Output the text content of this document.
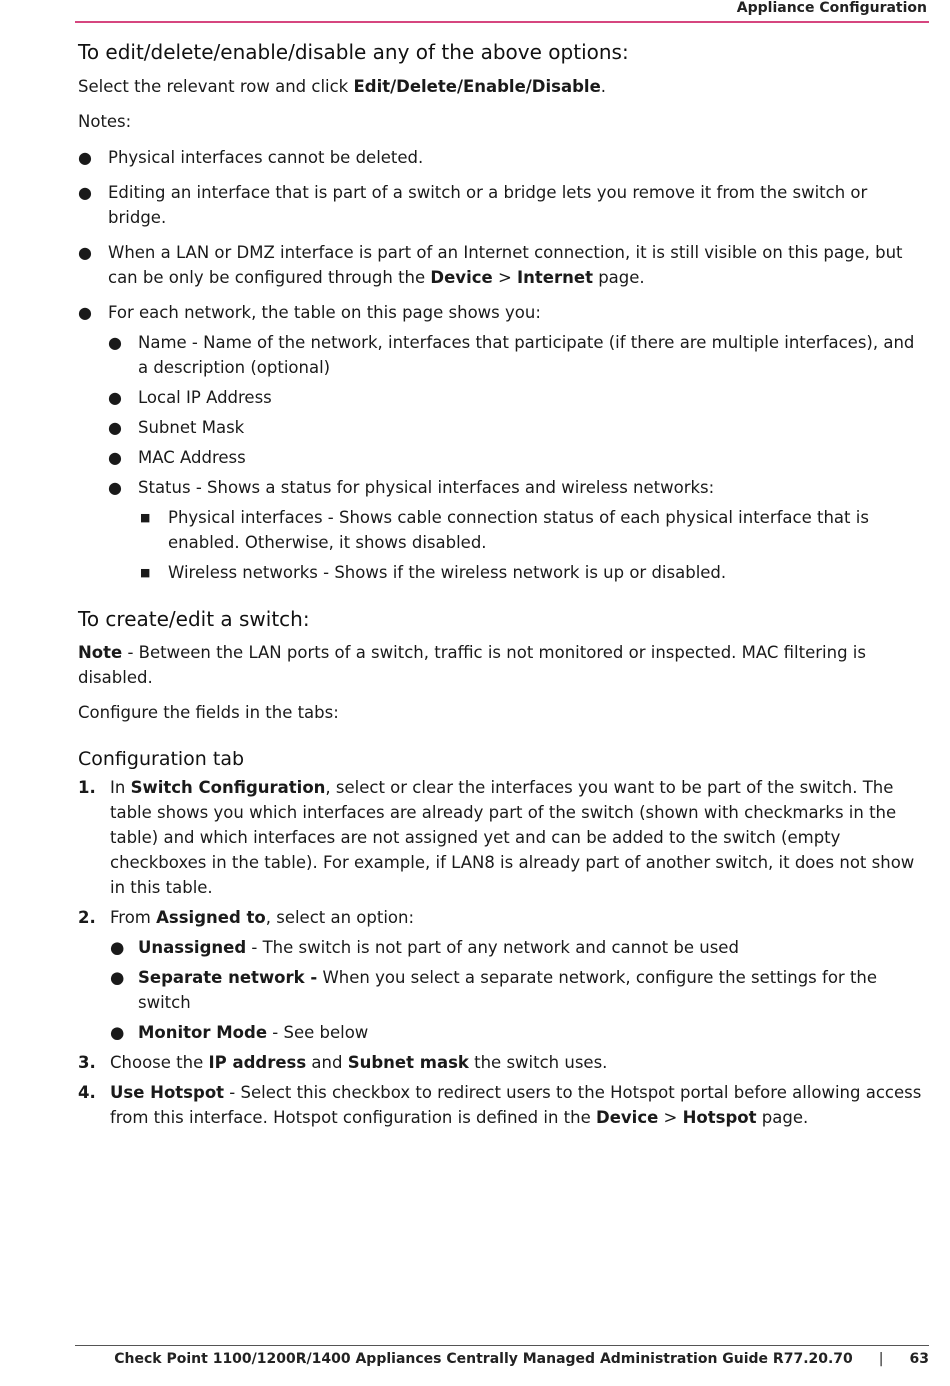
Appliance Configuration
To edit/delete/enable/disable any of the above options:

Select the relevant row and click Edit/Delete/Enable/Disable.

Notes:

● Physical interfaces cannot be deleted.
● Editing an interface that is part of a switch or a bridge lets you remove it from the switch or bridge.
● When a LAN or DMZ interface is part of an Internet connection, it is still visible on this page, but can be only be configured through the Device > Internet page.
● For each network, the table on this page shows you:
● Name - Name of the network, interfaces that participate (if there are multiple interfaces), and a description (optional)
● Local IP Address
● Subnet Mask
● MAC Address
● Status - Shows a status for physical interfaces and wireless networks:
■ Physical interfaces - Shows cable connection status of each physical interface that is enabled. Otherwise, it shows disabled.
■ Wireless networks - Shows if the wireless network is up or disabled.
To create/edit a switch:

Note - Between the LAN ports of a switch, traffic is not monitored or inspected. MAC filtering is disabled.

Configure the fields in the tabs:

Configuration tab
1. In Switch Configuration, select or clear the interfaces you want to be part of the switch. The table shows you which interfaces are already part of the switch (shown with checkmarks in the table) and which interfaces are not assigned yet and can be added to the switch (empty checkboxes in the table). For example, if LAN8 is already part of another switch, it does not show in this table.
2. From Assigned to, select an option:
● Unassigned - The switch is not part of any network and cannot be used
● Separate network - When you select a separate network, configure the settings for the switch
● Monitor Mode - See below
3. Choose the IP address and Subnet mask the switch uses.
4. Use Hotspot - Select this checkbox to redirect users to the Hotspot portal before allowing access from this interface. Hotspot configuration is defined in the Device > Hotspot page.
Check Point 1100/1200R/1400 Appliances Centrally Managed Administration Guide R77.20.70 | 63
